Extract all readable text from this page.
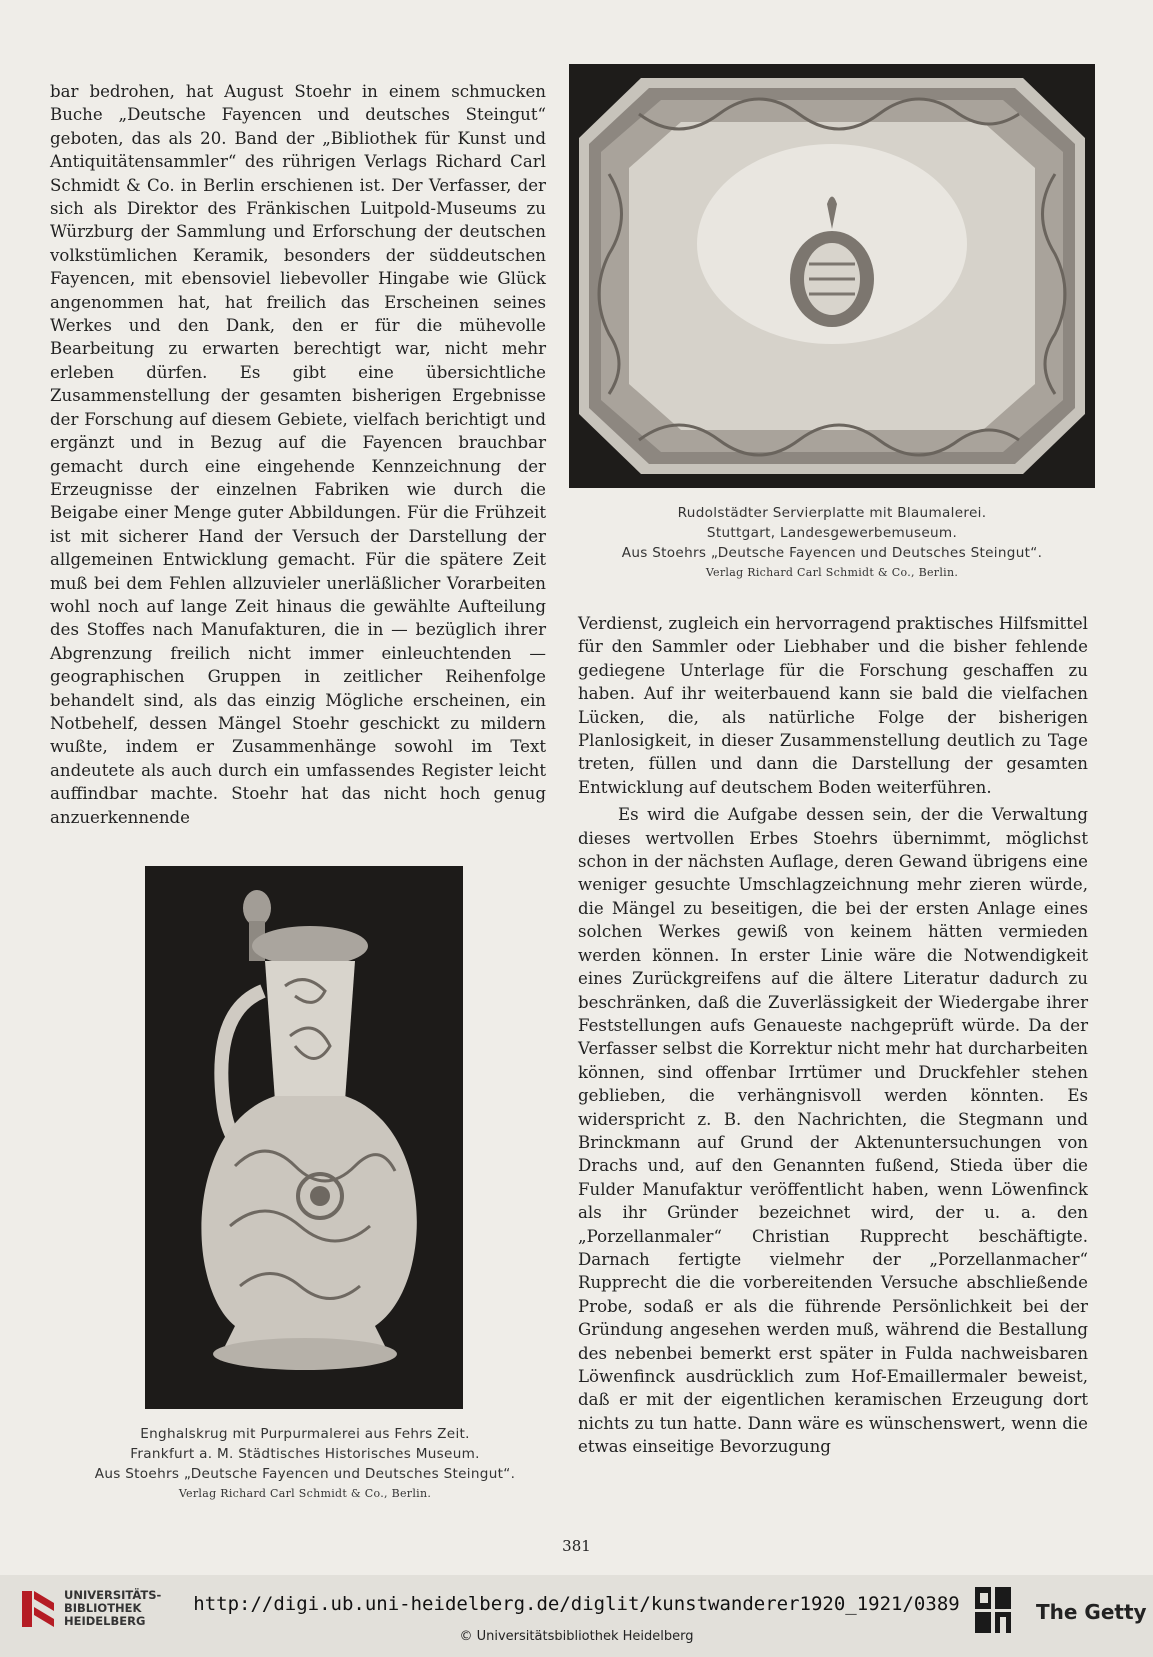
bar bedrohen, hat August Stoehr in einem schmucken Buche „Deutsche Fayencen und deutsches Steingut“ geboten, das als 20. Band der „Bibliothek für Kunst und Antiquitätensammler“ des rührigen Verlags Richard Carl Schmidt & Co. in Berlin erschienen ist. Der Verfasser, der sich als Direktor des Fränkischen Luitpold-Museums zu Würzburg der Sammlung und Erforschung der deutschen volkstümlichen Keramik, besonders der süddeutschen Fayencen, mit ebensoviel liebevoller Hingabe wie Glück angenommen hat, hat freilich das Erscheinen seines Werkes und den Dank, den er für die mühevolle Bearbeitung zu erwarten berechtigt war, nicht mehr erleben dürfen. Es gibt eine übersichtliche Zusammenstellung der gesamten bisherigen Ergebnisse der Forschung auf diesem Gebiete, vielfach berichtigt und ergänzt und in Bezug auf die Fayencen brauchbar gemacht durch eine eingehende Kennzeichnung der Erzeugnisse der einzelnen Fabriken wie durch die Beigabe einer Menge guter Abbildungen. Für die Frühzeit ist mit sicherer Hand der Versuch der Darstellung der allgemeinen Entwicklung gemacht. Für die spätere Zeit muß bei dem Fehlen allzuvieler unerläßlicher Vorarbeiten wohl noch auf lange Zeit hinaus die gewählte Aufteilung des Stoffes nach Manufakturen, die in — bezüglich ihrer Abgrenzung freilich nicht immer einleuchtenden — geographischen Gruppen in zeitlicher Reihenfolge behandelt sind, als das einzig Mögliche erscheinen, ein Notbehelf, dessen Mängel Stoehr geschickt zu mildern wußte, indem er Zusammenhänge sowohl im Text andeutete als auch durch ein umfassendes Register leicht auffindbar machte. Stoehr hat das nicht hoch genug anzuerkennende

Rudolstädter Servierplatte mit Blaumalerei.
Stuttgart, Landesgewerbemuseum.
Aus Stoehrs „Deutsche Fayencen und Deutsches Steingut“.
Verlag Richard Carl Schmidt & Co., Berlin.

Verdienst, zugleich ein hervorragend praktisches Hilfsmittel für den Sammler oder Liebhaber und die bisher fehlende gediegene Unterlage für die Forschung geschaffen zu haben. Auf ihr weiterbauend kann sie bald die vielfachen Lücken, die, als natürliche Folge der bisherigen Planlosigkeit, in dieser Zusammenstellung deutlich zu Tage treten, füllen und dann die Darstellung der gesamten Entwicklung auf deutschem Boden weiterführen.

Es wird die Aufgabe dessen sein, der die Verwaltung dieses wertvollen Erbes Stoehrs übernimmt, möglichst schon in der nächsten Auflage, deren Gewand übrigens eine weniger gesuchte Umschlagzeichnung mehr zieren würde, die Mängel zu beseitigen, die bei der ersten Anlage eines solchen Werkes gewiß von keinem hätten vermieden werden können. In erster Linie wäre die Notwendigkeit eines Zurückgreifens auf die ältere Literatur dadurch zu beschränken, daß die Zuverlässigkeit der Wiedergabe ihrer Feststellungen aufs Genaueste nachgeprüft würde. Da der Verfasser selbst die Korrektur nicht mehr hat durcharbeiten können, sind offenbar Irrtümer und Druckfehler stehen geblieben, die verhängnisvoll werden könnten. Es widerspricht z. B. den Nachrichten, die Stegmann und Brinckmann auf Grund der Aktenuntersuchungen von Drachs und, auf den Genannten fußend, Stieda über die Fulder Manufaktur veröffentlicht haben, wenn Löwenfinck als ihr Gründer bezeichnet wird, der u. a. den „Porzellanmaler“ Christian Rupprecht beschäftigte. Darnach fertigte vielmehr der „Porzellanmacher“ Rupprecht die die vorbereitenden Versuche abschließende Probe, sodaß er als die führende Persönlichkeit bei der Gründung angesehen werden muß, während die Bestallung des nebenbei bemerkt erst später in Fulda nachweisbaren Löwenfinck ausdrücklich zum Hof-Emaillermaler beweist, daß er mit der eigentlichen keramischen Erzeugung dort nichts zu tun hatte. Dann wäre es wünschenswert, wenn die etwas einseitige Bevorzugung

Enghalskrug mit Purpurmalerei aus Fehrs Zeit.
Frankfurt a. M. Städtisches Historisches Museum.
Aus Stoehrs „Deutsche Fayencen und Deutsches Steingut“.
Verlag Richard Carl Schmidt & Co., Berlin.
381
UNIVERSITÄTS-
BIBLIOTHEK
HEIDELBERG
http://digi.ub.uni-heidelberg.de/diglit/kunstwanderer1920_1921/0389
© Universitätsbibliothek Heidelberg
The Getty
